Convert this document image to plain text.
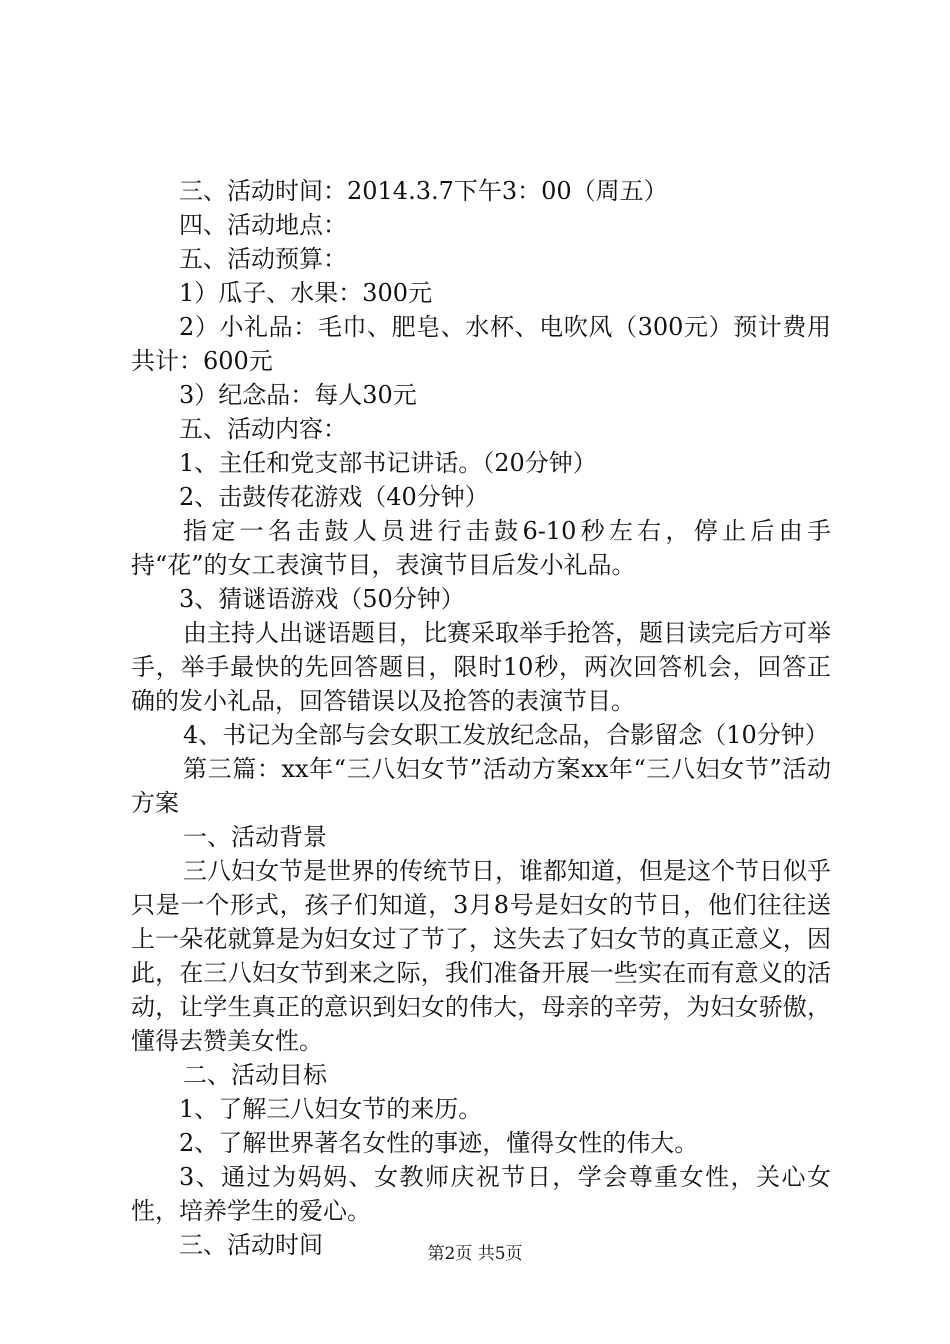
三、活动时间：2014.3.7下午3：00（周五）

四、活动地点：

五、活动预算：

1）瓜子、水果：300元

2）小礼品：毛巾、肥皂、水杯、电吹风（300元）预计费用共计：600元

3）纪念品：每人30元

五、活动内容：

1、主任和党支部书记讲话。（20分钟）

2、击鼓传花游戏（40分钟）

指定一名击鼓人员进行击鼓6-10秒左右，停止后由手持“花”的女工表演节目，表演节目后发小礼品。

3、猜谜语游戏（50分钟）

由主持人出谜语题目，比赛采取举手抢答，题目读完后方可举手，举手最快的先回答题目，限时10秒，两次回答机会，回答正确的发小礼品，回答错误以及抢答的表演节目。

4、书记为全部与会女职工发放纪念品，合影留念（10分钟）

第三篇：xx年“三八妇女节”活动方案xx年“三八妇女节”活动方案

一、活动背景

三八妇女节是世界的传统节日，谁都知道，但是这个节日似乎只是一个形式，孩子们知道，3月8号是妇女的节日，他们往往送上一朵花就算是为妇女过了节了，这失去了妇女节的真正意义，因此，在三八妇女节到来之际，我们准备开展一些实在而有意义的活动，让学生真正的意识到妇女的伟大，母亲的辛劳，为妇女骄傲，懂得去赞美女性。

二、活动目标

1、了解三八妇女节的来历。

2、了解世界著名女性的事迹，懂得女性的伟大。

3、通过为妈妈、女教师庆祝节日，学会尊重女性，关心女性，培养学生的爱心。

三、活动时间	第2页 共5页
